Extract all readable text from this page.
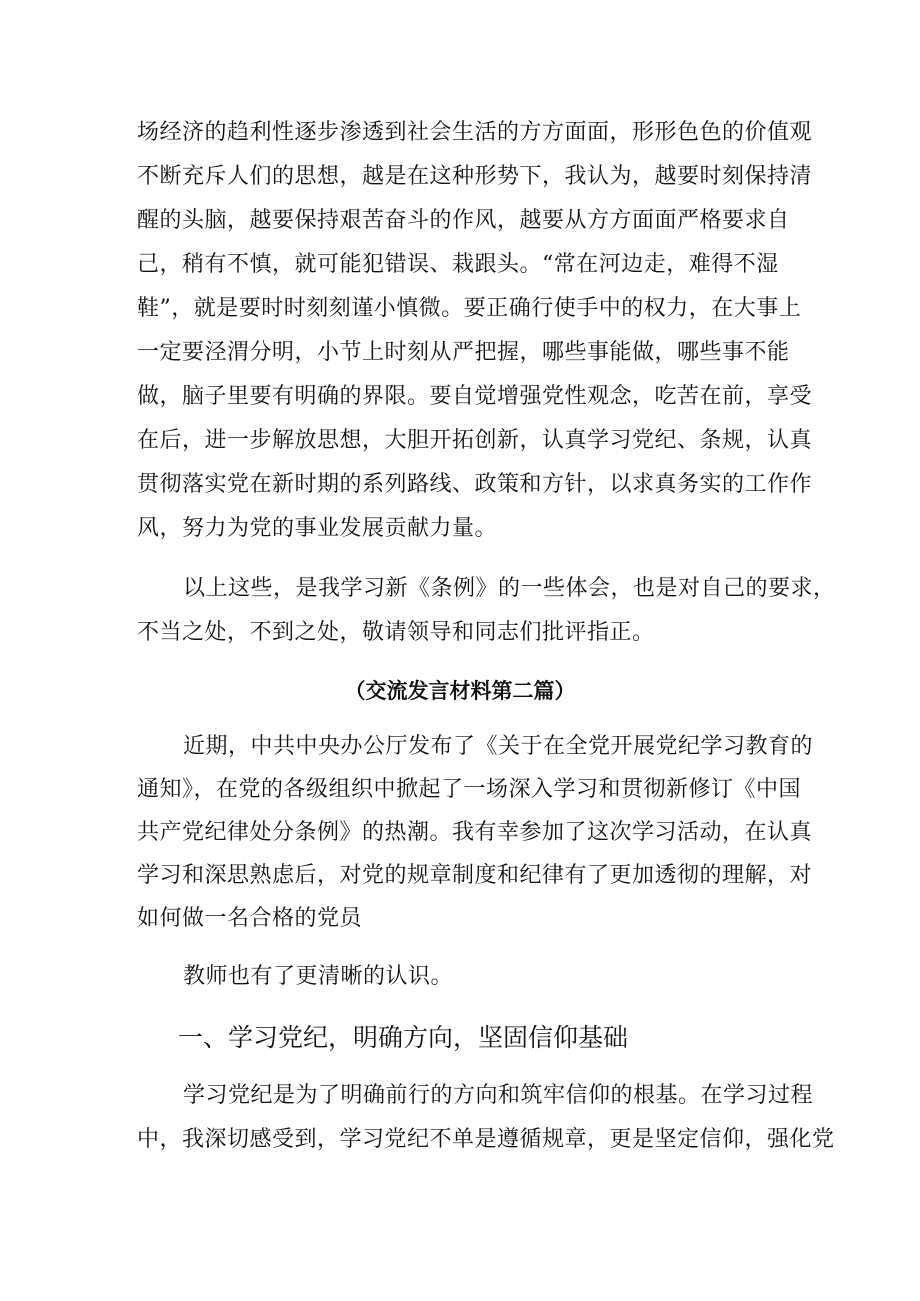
场经济的趋利性逐步渗透到社会生活的方方面面，形形色色的价值观
不断充斥人们的思想，越是在这种形势下，我认为，越要时刻保持清
醒的头脑，越要保持艰苦奋斗的作风，越要从方方面面严格要求自
己，稍有不慎，就可能犯错误、栽跟头。“常在河边走，难得不湿
鞋”，就是要时时刻刻谨小慎微。要正确行使手中的权力，在大事上
一定要泾渭分明，小节上时刻从严把握，哪些事能做，哪些事不能
做，脑子里要有明确的界限。要自觉增强党性观念，吃苦在前，享受
在后，进一步解放思想，大胆开拓创新，认真学习党纪、条规，认真
贯彻落实党在新时期的系列路线、政策和方针，以求真务实的工作作
风，努力为党的事业发展贡献力量。
以上这些，是我学习新《条例》的一些体会，也是对自己的要求，
不当之处，不到之处，敬请领导和同志们批评指正。
（交流发言材料第二篇）
近期，中共中央办公厅发布了《关于在全党开展党纪学习教育的
通知》，在党的各级组织中掀起了一场深入学习和贯彻新修订《中国
共产党纪律处分条例》的热潮。我有幸参加了这次学习活动，在认真
学习和深思熟虑后，对党的规章制度和纪律有了更加透彻的理解，对
如何做一名合格的党员
教师也有了更清晰的认识。
一、学习党纪，明确方向，坚固信仰基础
学习党纪是为了明确前行的方向和筑牢信仰的根基。在学习过程
中，我深切感受到，学习党纪不单是遵循规章，更是坚定信仰，强化党
